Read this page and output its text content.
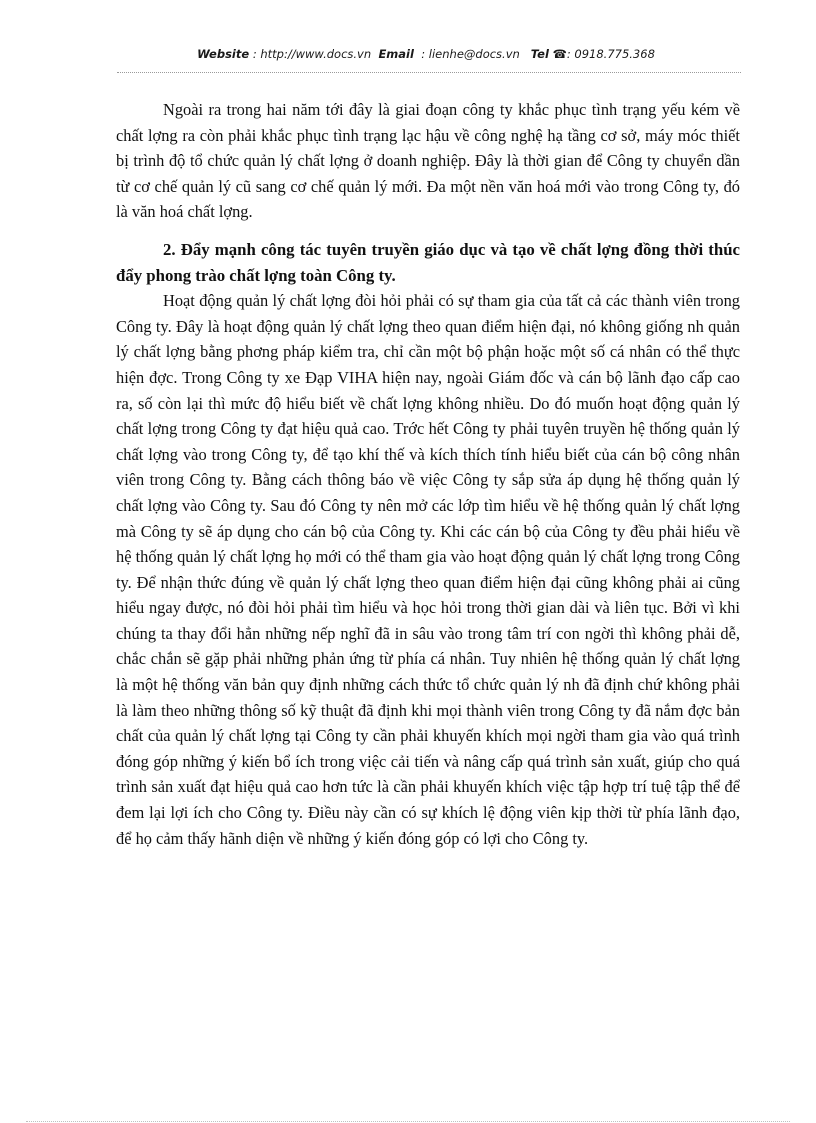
Website : http://www.docs.vn Email : lienhe@docs.vn Tel ☎: 0918.775.368

Ngoài ra trong hai năm tới đây là giai đoạn công ty khắc phục tình trạng yếu kém về chất lợng ra còn phải khắc phục tình trạng lạc hậu về công nghệ hạ tầng cơ sở, máy móc thiết bị trình độ tổ chức quản lý chất lợng ở doanh nghiệp. Đây là thời gian để Công ty chuyển dần từ cơ chế quản lý cũ sang cơ chế quản lý mới. Đa một nền văn hoá mới vào trong Công ty, đó là văn hoá chất lợng.

2. Đẩy mạnh công tác tuyên truyền giáo dục và tạo về chất lợng đồng thời thúc đẩy phong trào chất lợng toàn Công ty.

Hoạt động quản lý chất lợng đòi hỏi phải có sự tham gia của tất cả các thành viên trong Công ty. Đây là hoạt động quản lý chất lợng theo quan điểm hiện đại, nó không giống nh quản lý chất lợng bằng phơng pháp kiểm tra, chỉ cần một bộ phận hoặc một số cá nhân có thể thực hiện đợc. Trong Công ty xe Đạp VIHA hiện nay, ngoài Giám đốc và cán bộ lãnh đạo cấp cao ra, số còn lại thì mức độ hiểu biết về chất lợng không nhiều. Do đó muốn hoạt động quản lý chất lợng trong Công ty đạt hiệu quả cao. Trớc hết Công ty phải tuyên truyền hệ thống quản lý chất lợng vào trong Công ty, để tạo khí thế và kích thích tính hiểu biết của cán bộ công nhân viên trong Công ty. Bằng cách thông báo về việc Công ty sắp sửa áp dụng hệ thống quản lý chất lợng vào Công ty. Sau đó Công ty nên mở các lớp tìm hiểu về hệ thống quản lý chất lợng mà Công ty sẽ áp dụng cho cán bộ của Công ty. Khi các cán bộ của Công ty đều phải hiểu về hệ thống quản lý chất lợng họ mới có thể tham gia vào hoạt động quản lý chất lợng trong Công ty. Để nhận thức đúng về quản lý chất lợng theo quan điểm hiện đại cũng không phải ai cũng hiểu ngay được, nó đòi hỏi phải tìm hiểu và học hỏi trong thời gian dài và liên tục. Bởi vì khi chúng ta thay đổi hẳn những nếp nghĩ đã in sâu vào trong tâm trí con ngời thì không phải dễ, chắc chắn sẽ gặp phải những phản ứng từ phía cá nhân. Tuy nhiên hệ thống quản lý chất lợng là một hệ thống văn bản quy định những cách thức tổ chức quản lý nh đã định chứ không phải là làm theo những thông số kỹ thuật đã định khi mọi thành viên trong Công ty đã nắm đợc bản chất của quản lý chất lợng tại Công ty cần phải khuyến khích mọi ngời tham gia vào quá trình đóng góp những ý kiến bổ ích trong việc cải tiến và nâng cấp quá trình sản xuất, giúp cho quá trình sản xuất đạt hiệu quả cao hơn tức là cần phải khuyến khích việc tập hợp trí tuệ tập thể để đem lại lợi ích cho Công ty. Điều này cần có sự khích lệ động viên kịp thời từ phía lãnh đạo, để họ cảm thấy hãnh diện về những ý kiến đóng góp có lợi cho Công ty.
